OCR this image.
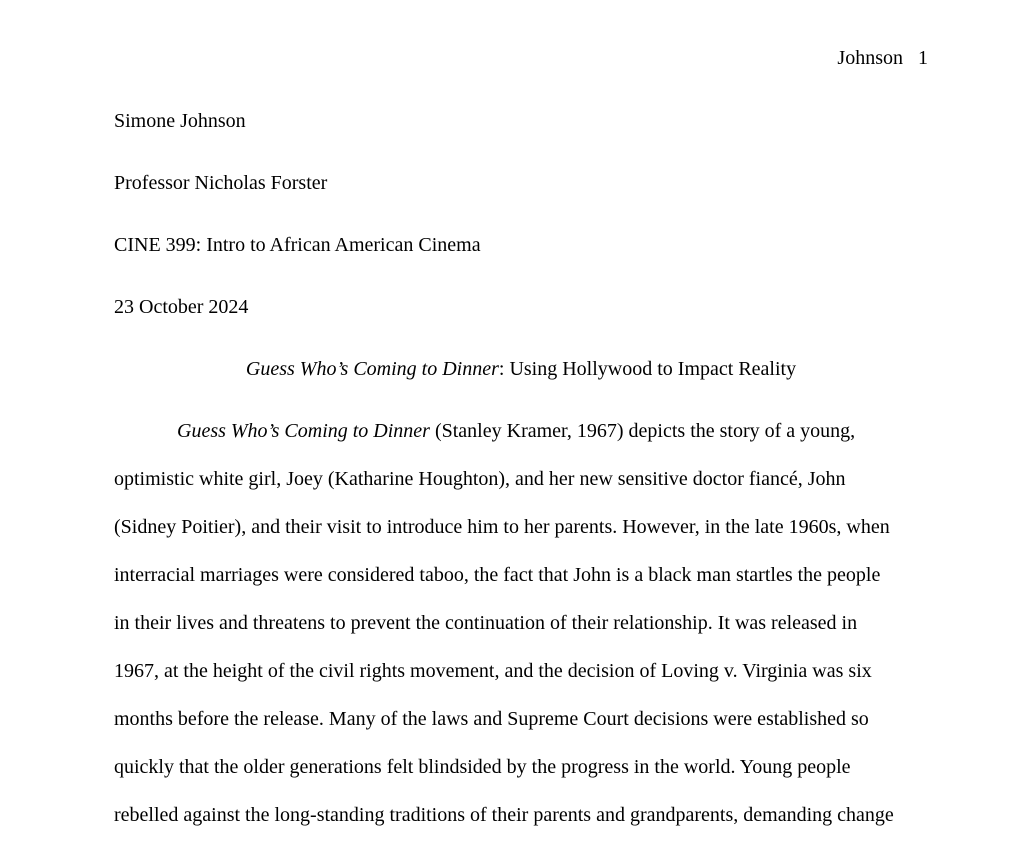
Johnson 1
Simone Johnson
Professor Nicholas Forster
CINE 399: Intro to African American Cinema
23 October 2024
Guess Who’s Coming to Dinner: Using Hollywood to Impact Reality
Guess Who’s Coming to Dinner (Stanley Kramer, 1967) depicts the story of a young,
optimistic white girl, Joey (Katharine Houghton), and her new sensitive doctor fiancé, John
(Sidney Poitier), and their visit to introduce him to her parents. However, in the late 1960s, when
interracial marriages were considered taboo, the fact that John is a black man startles the people
in their lives and threatens to prevent the continuation of their relationship. It was released in
1967, at the height of the civil rights movement, and the decision of Loving v. Virginia was six
months before the release. Many of the laws and Supreme Court decisions were established so
quickly that the older generations felt blindsided by the progress in the world. Young people
rebelled against the long-standing traditions of their parents and grandparents, demanding change
